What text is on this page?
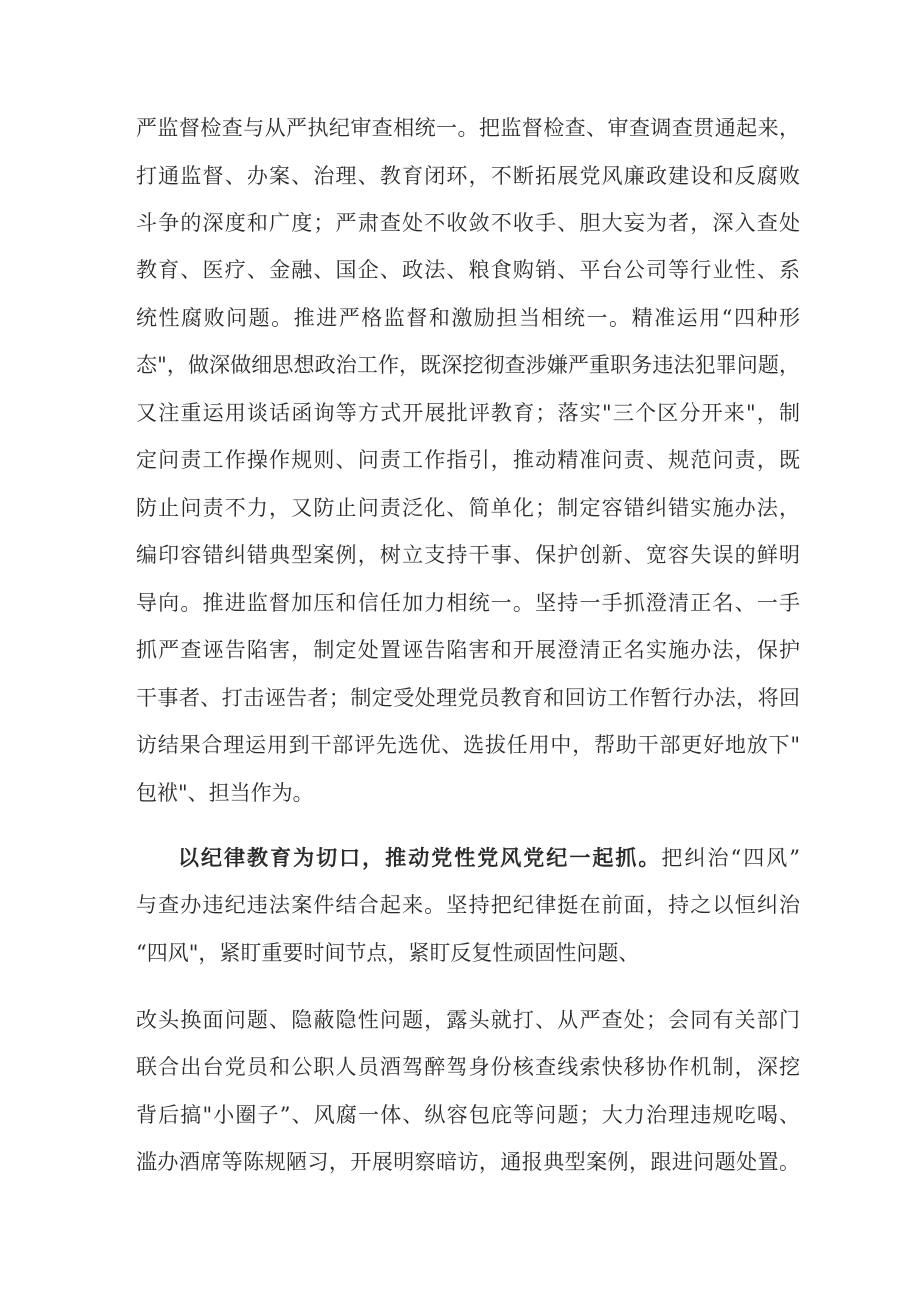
严监督检查与从严执纪审查相统一。把监督检查、审查调查贯通起来，
打通监督、办案、治理、教育闭环，不断拓展党风廉政建设和反腐败
斗争的深度和广度；严肃查处不收敛不收手、胆大妄为者，深入查处
教育、医疗、金融、国企、政法、粮食购销、平台公司等行业性、系
统性腐败问题。推进严格监督和激励担当相统一。精准运用“四种形
态"，做深做细思想政治工作，既深挖彻查涉嫌严重职务违法犯罪问题，
又注重运用谈话函询等方式开展批评教育；落实"三个区分开来"，制
定问责工作操作规则、问责工作指引，推动精准问责、规范问责，既
防止问责不力，又防止问责泛化、简单化；制定容错纠错实施办法，
编印容错纠错典型案例，树立支持干事、保护创新、宽容失误的鲜明
导向。推进监督加压和信任加力相统一。坚持一手抓澄清正名、一手
抓严查诬告陷害，制定处置诬告陷害和开展澄清正名实施办法，保护
干事者、打击诬告者；制定受处理党员教育和回访工作暂行办法，将回
访结果合理运用到干部评先选优、选拔任用中，帮助干部更好地放下"
包袱"、担当作为。
以纪律教育为切口，推动党性党风党纪一起抓。把纠治“四风”
与查办违纪违法案件结合起来。坚持把纪律挺在前面，持之以恒纠治
“四风"，紧盯重要时间节点，紧盯反复性顽固性问题、
改头换面问题、隐蔽隐性问题，露头就打、从严查处；会同有关部门
联合出台党员和公职人员酒驾醉驾身份核查线索快移协作机制，深挖
背后搞"小圈子”、风腐一体、纵容包庇等问题；大力治理违规吃喝、
滥办酒席等陈规陋习，开展明察暗访，通报典型案例，跟进问题处置。
